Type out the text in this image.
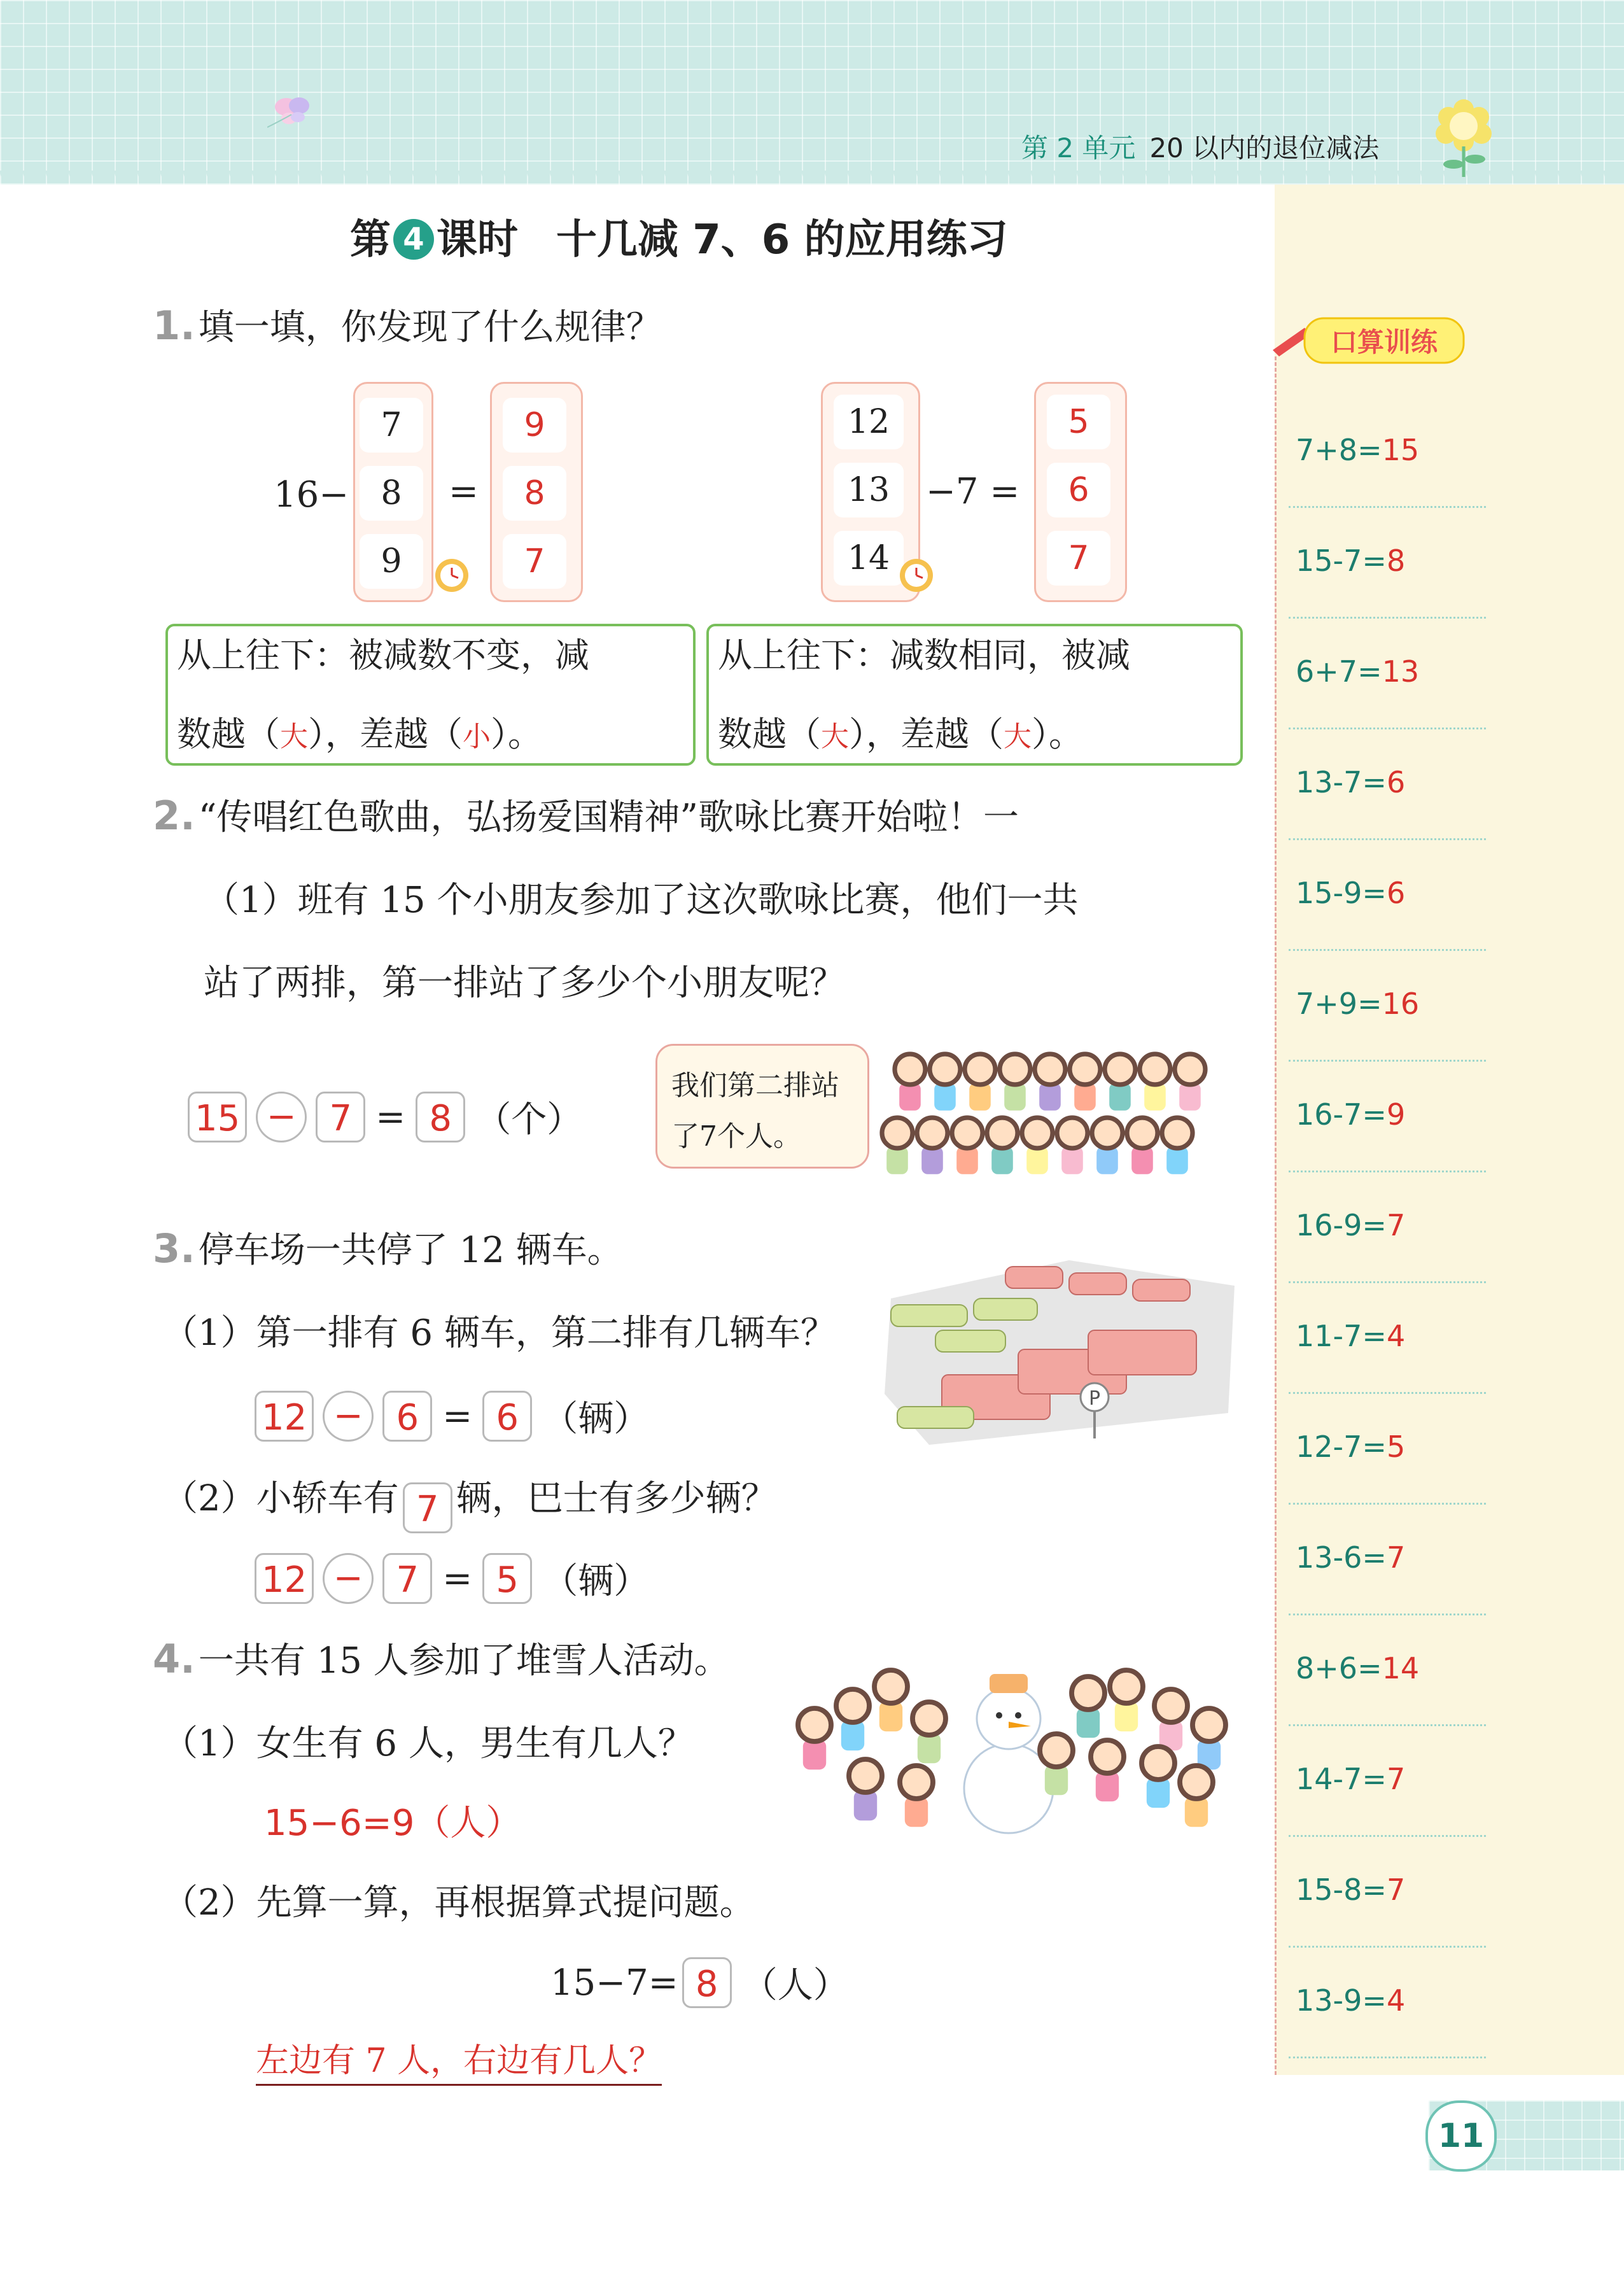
第 2 单元 20 以内的退位减法
口算训练
7+8=15
15-7=8
6+7=13
13-7=6
15-9=6
7+9=16
16-7=9
16-9=7
11-7=4
12-7=5
13-6=7
8+6=14
14-7=7
15-8=7
13-9=4
第 4 课时 十几减 7、6 的应用练习
1. 填一填，你发现了什么规律？
16−
7
8
9
=
9
8
7
12
13
14
−7 =
5
6
7
从上往下：被减数不变，减
数越（大），差越（小）。
从上往下：减数相同，被减
数越（大），差越（大）。
2. “传唱红色歌曲，弘扬爱国精神”歌咏比赛开始啦！一
（1）班有 15 个小朋友参加了这次歌咏比赛，他们一共
站了两排，第一排站了多少个小朋友呢？
15 − 7 = 8 （个）
我们第二排站
了7个人。
3. 停车场一共停了 12 辆车。
（1）第一排有 6 辆车，第二排有几辆车？
12 − 6 = 6 （辆）
（2）小轿车有 7 辆，巴士有多少辆？
12 − 7 = 5 （辆）
P
4. 一共有 15 人参加了堆雪人活动。
（1）女生有 6 人，男生有几人？
15−6=9（人）
（2）先算一算，再根据算式提问题。
15−7= 8 （人）
左边有 7 人，右边有几人？
11
